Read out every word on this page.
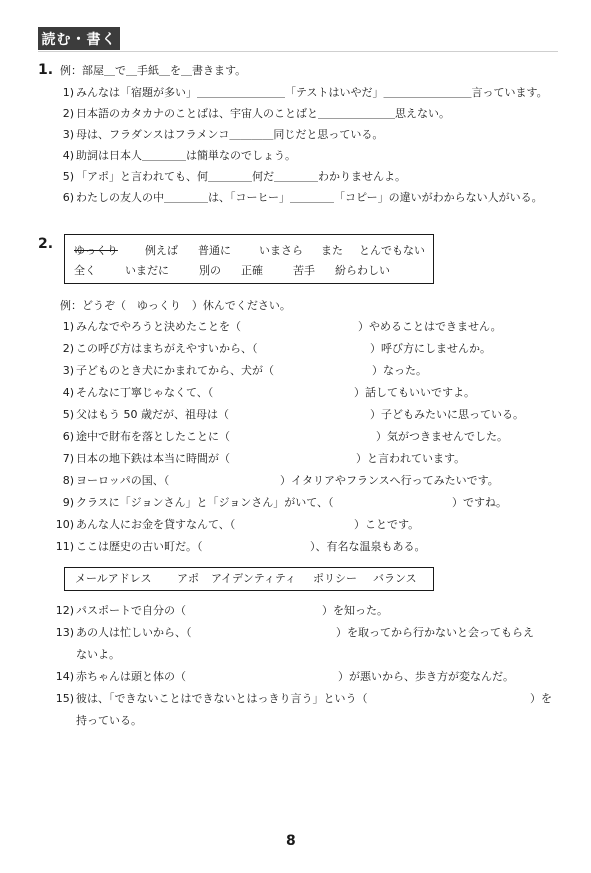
読む・書く
1. 例：部屋＿で＿手紙＿を＿書きます。
1) みんなは「宿題が多い」＿＿＿＿＿＿＿＿「テストはいやだ」＿＿＿＿＿＿＿＿言っています。
2) 日本語のカタカナのことばは、宇宙人のことばと＿＿＿＿＿＿＿思えない。
3) 母は、フラダンスはフラメンコ＿＿＿＿同じだと思っている。
4) 助詞は日本人＿＿＿＿は簡単なのでしょう。
5) 「アポ」と言われても、何＿＿＿＿何だ＿＿＿＿わかりませんよ。
6) わたしの友人の中＿＿＿＿は、「コーヒー」＿＿＿＿「コピー」の違いがわからない人がいる。
2. ゆっくり 例えば 普通に	いまさら また とんでもない
全く	いまだに	別の 正確	苦手 紛らわしい
例：どうぞ（　ゆっくり　）休んでください。
1) みんなでやろうと決めたことを（	）やめることはできません。
2) この呼び方はまちがえやすいから、（	）呼び方にしませんか。
3) 子どものとき犬にかまれてから、犬が（	）なった。
4) そんなに丁寧じゃなくて、（	）話してもいいですよ。
5) 父はもう 50 歳だが、祖母は（	）子どもみたいに思っている。
6) 途中で財布を落としたことに（	）気がつきませんでした。
7) 日本の地下鉄は本当に時間が（	）と言われています。
8) ヨーロッパの国、（	）イタリアやフランスへ行ってみたいです。
9) クラスに「ジョンさん」と「ジョンさん」がいて、（	）ですね。
10) あんな人にお金を貸すなんて、（	）ことです。
11) ここは歴史の古い町だ。（	）、有名な温泉もある。
メールアドレス アポ アイデンティティ ポリシー バランス
12) パスポートで自分の（	）を知った。
13) あの人は忙しいから、（	）を取ってから行かないと会ってもらえ
ないよ。
14) 赤ちゃんは頭と体の（	）が悪いから、歩き方が変なんだ。
15) 彼は、「できないことはできないとはっきり言う」という（	）を
持っている。
8
